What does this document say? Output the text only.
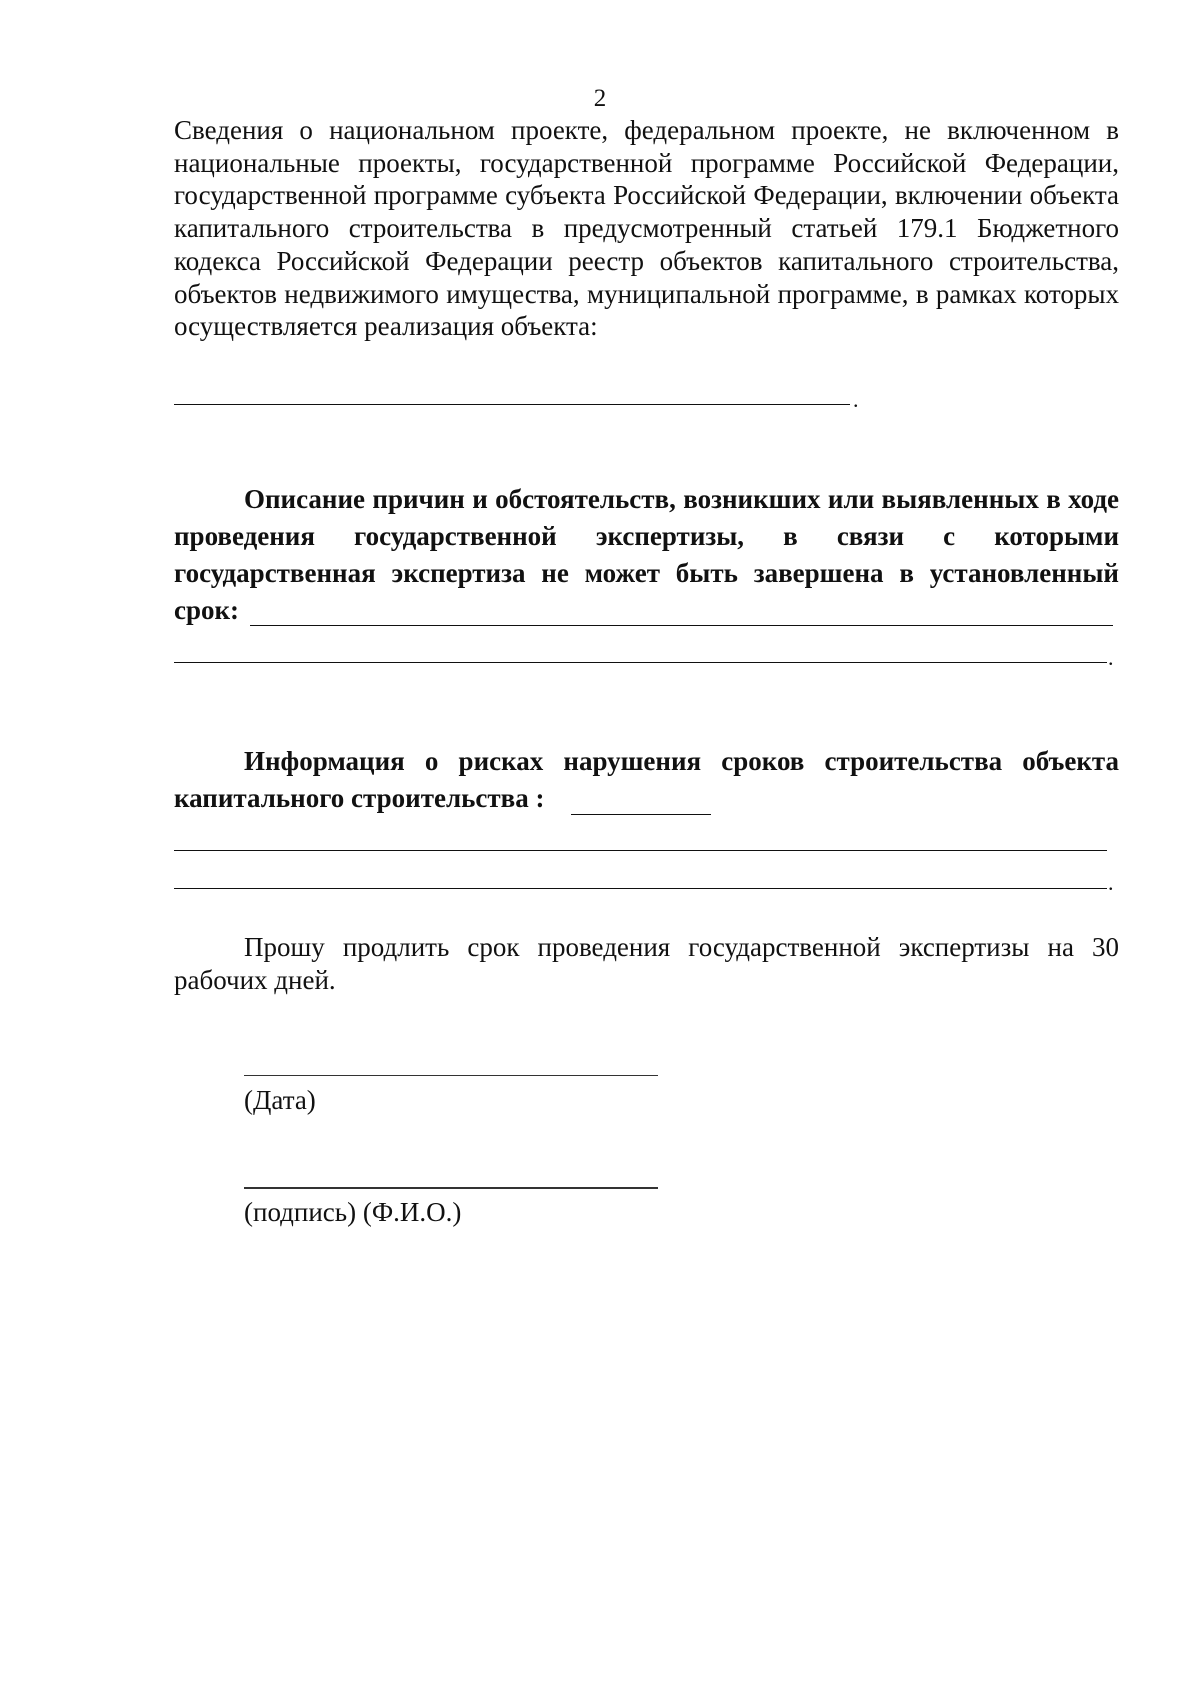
2
Сведения о национальном проекте, федеральном проекте, не включенном в национальные проекты, государственной программе Российской Федерации, государственной программе субъекта Российской Федерации, включении объекта капитального строительства в предусмотренный статьей 179.1 Бюджетного кодекса Российской Федерации реестр объектов капитального строительства, объектов недвижимого имущества, муниципальной программе, в рамках которых осуществляется реализация объекта:
.
Описание причин и обстоятельств, возникших или выявленных в ходе проведения государственной экспертизы, в связи с которыми государственная экспертиза не может быть завершена в установленный
срок:
.
Информация о рисках нарушения сроков строительства объекта
капитального строительства :
.
Прошу продлить срок проведения государственной экспертизы на 30 рабочих дней.
(Дата)
(подпись) (Ф.И.О.)
